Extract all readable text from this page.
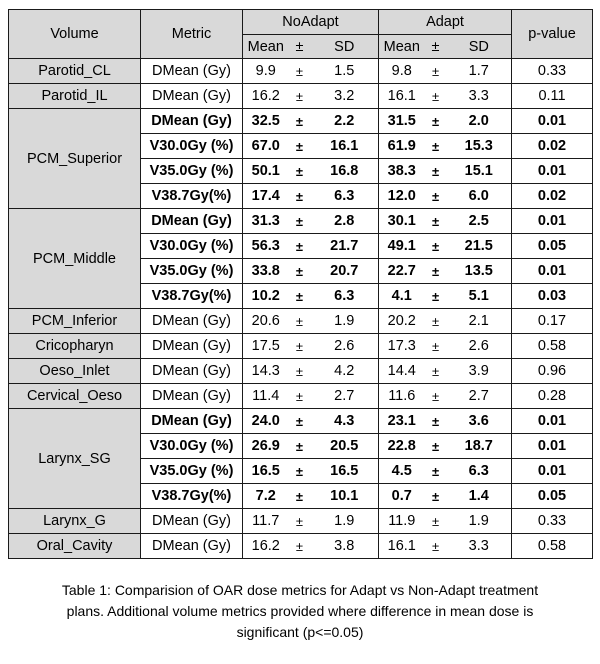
Volume	Metric	NoAdapt			Adapt			p-value
		Mean	±	SD	Mean	±	SD	
Parotid_CL	DMean (Gy)	9.9	±	1.5	9.8	±	1.7	0.33
Parotid_IL	DMean (Gy)	16.2	±	3.2	16.1	±	3.3	0.11
PCM_Superior	DMean (Gy)	32.5	±	2.2	31.5	±	2.0	0.01
	V30.0Gy (%)	67.0	±	16.1	61.9	±	15.3	0.02
	V35.0Gy (%)	50.1	±	16.8	38.3	±	15.1	0.01
	V38.7Gy(%)	17.4	±	6.3	12.0	±	6.0	0.02
PCM_Middle	DMean (Gy)	31.3	±	2.8	30.1	±	2.5	0.01
	V30.0Gy (%)	56.3	±	21.7	49.1	±	21.5	0.05
	V35.0Gy (%)	33.8	±	20.7	22.7	±	13.5	0.01
	V38.7Gy(%)	10.2	±	6.3	4.1	±	5.1	0.03
PCM_Inferior	DMean (Gy)	20.6	±	1.9	20.2	±	2.1	0.17
Cricopharyn	DMean (Gy)	17.5	±	2.6	17.3	±	2.6	0.58
Oeso_Inlet	DMean (Gy)	14.3	±	4.2	14.4	±	3.9	0.96
Cervical_Oeso	DMean (Gy)	11.4	±	2.7	11.6	±	2.7	0.28
Larynx_SG	DMean (Gy)	24.0	±	4.3	23.1	±	3.6	0.01
	V30.0Gy (%)	26.9	±	20.5	22.8	±	18.7	0.01
	V35.0Gy (%)	16.5	±	16.5	4.5	±	6.3	0.01
	V38.7Gy(%)	7.2	±	10.1	0.7	±	1.4	0.05
Larynx_G	DMean (Gy)	11.7	±	1.9	11.9	±	1.9	0.33
Oral_Cavity	DMean (Gy)	16.2	±	3.8	16.1	±	3.3	0.58
Table 1: Comparision of OAR dose metrics for Adapt vs Non-Adapt treatment
plans. Additional volume metrics provided where difference in mean dose is
significant (p<=0.05)
